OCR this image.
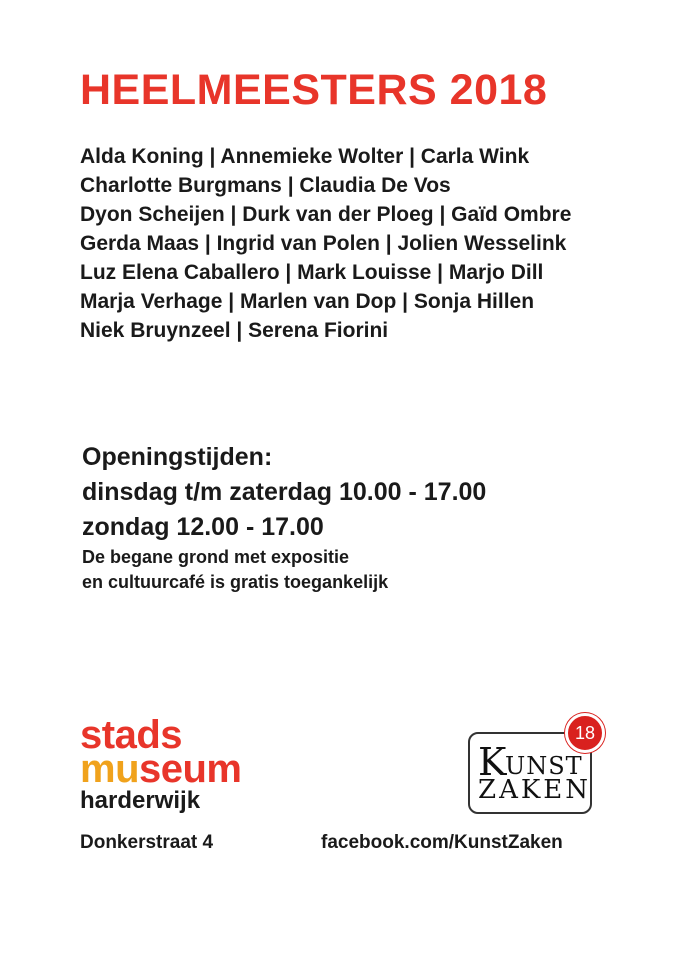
HEELMEESTERS 2018
Alda Koning | Annemieke Wolter | Carla Wink
Charlotte Burgmans | Claudia De Vos
Dyon Scheijen | Durk van der Ploeg | Gaïd Ombre
Gerda Maas | Ingrid van Polen | Jolien Wesselink
Luz Elena Caballero | Mark Louisse | Marjo Dill
Marja Verhage | Marlen van Dop | Sonja Hillen
Niek Bruynzeel | Serena Fiorini
Openingstijden:
dinsdag t/m zaterdag 10.00 - 17.00
zondag 12.00 - 17.00
De begane grond met expositie
en cultuurcafé is gratis toegankelijk
stads
museum
harderwijk
Donkerstraat 4	facebook.com/KunstZaken
K
UNST
ZAKEN
18
